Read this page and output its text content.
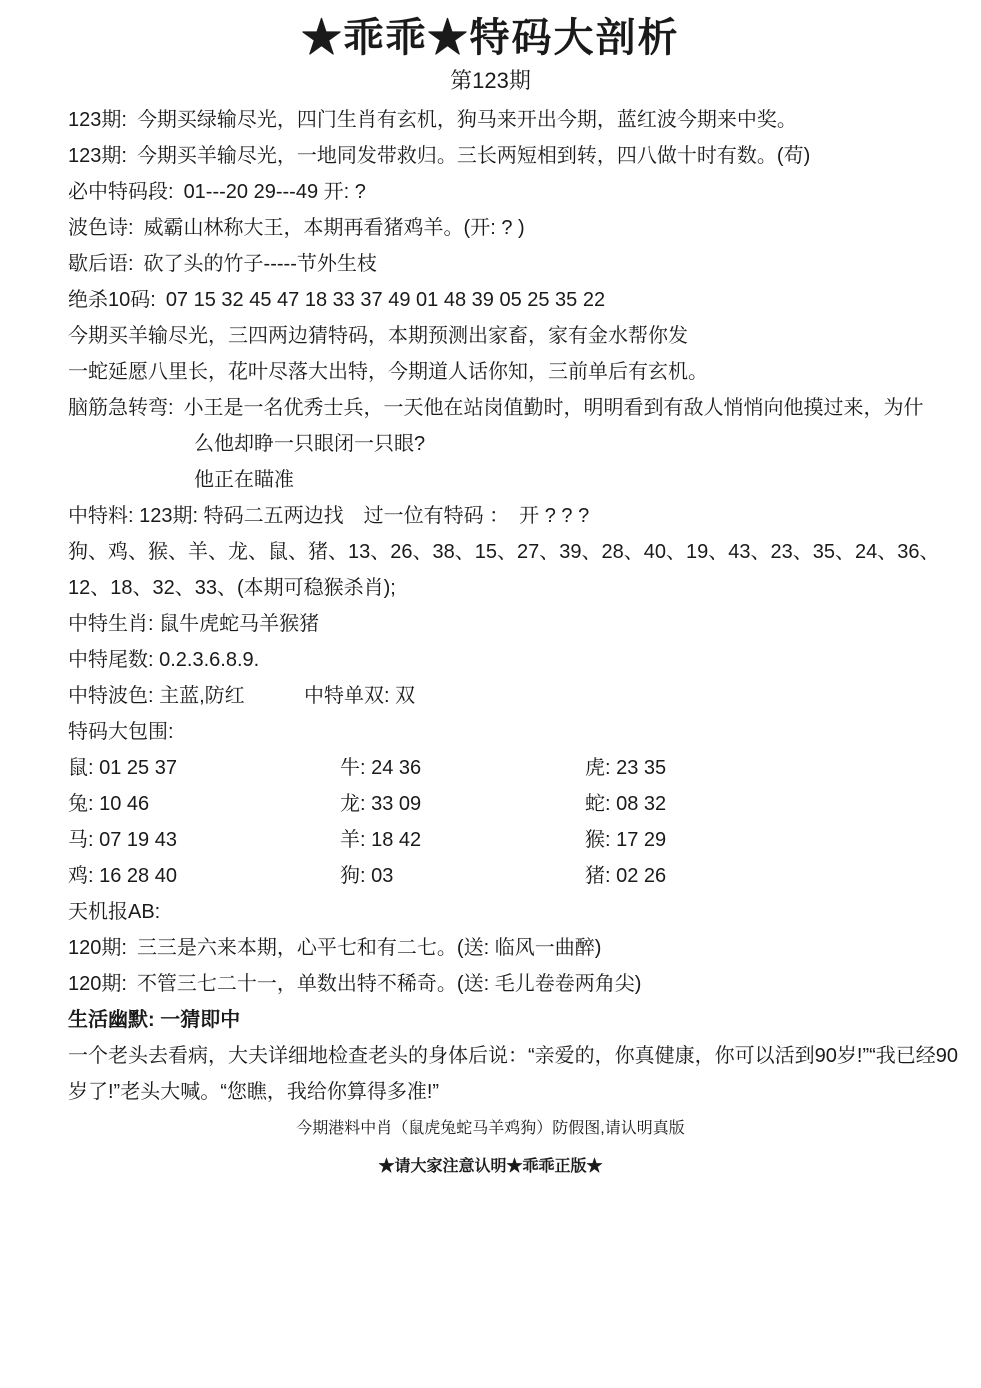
★乖乖★特码大剖析
第123期
123期: 今期买绿输尽光，四门生肖有玄机，狗马来开出今期，蓝红波今期来中奖。
123期: 今期买羊输尽光，一地同发带救归。三长两短相到转，四八做十时有数。(苟)
必中特码段: 01---20 29---49 开: ?
波色诗: 威霸山林称大王，本期再看猪鸡羊。(开: ? )
歇后语: 砍了头的竹子-----节外生枝
绝杀10码: 07 15 32 45 47 18 33 37 49 01 48 39 05 25 35 22
今期买羊输尽光，三四两边猜特码，本期预测出家畜，家有金水帮你发
一蛇延愿八里长，花叶尽落大出特，今期道人话你知，三前单后有玄机。
脑筋急转弯: 小王是一名优秀士兵，一天他在站岗值勤时，明明看到有敌人悄悄向他摸过来，为什
么他却睁一只眼闭一只眼?
他正在瞄准
中特料: 123期: 特码二五两边找　过一位有特码 ：　开 ? ? ?
狗、鸡、猴、羊、龙、鼠、猪、13、26、38、15、27、39、28、40、19、43、23、35、24、36、
12、18、32、33、(本期可稳猴杀肖);
中特生肖: 鼠牛虎蛇马羊猴猪
中特尾数: 0.2.3.6.8.9.
中特波色: 主蓝,防红	中特单双: 双
特码大包围:
鼠: 01 25 37	牛: 24 36	虎: 23 35
兔: 10 46	龙: 33 09	蛇: 08 32
马: 07 19 43	羊: 18 42	猴: 17 29
鸡: 16 28 40	狗: 03	猪: 02 26
天机报AB:
120期: 三三是六来本期，心平七和有二七。(送: 临风一曲醉)
120期: 不管三七二十一，单数出特不稀奇。(送: 毛儿卷卷两角尖)
生活幽默: 一猜即中
一个老头去看病，大夫详细地检查老头的身体后说：“亲爱的，你真健康，你可以活到90岁!”“我已经90
岁了!”老头大喊。“您瞧，我给你算得多准!”
今期港料中肖（鼠虎兔蛇马羊鸡狗）防假图,请认明真版
★请大家注意认明★乖乖正版★
